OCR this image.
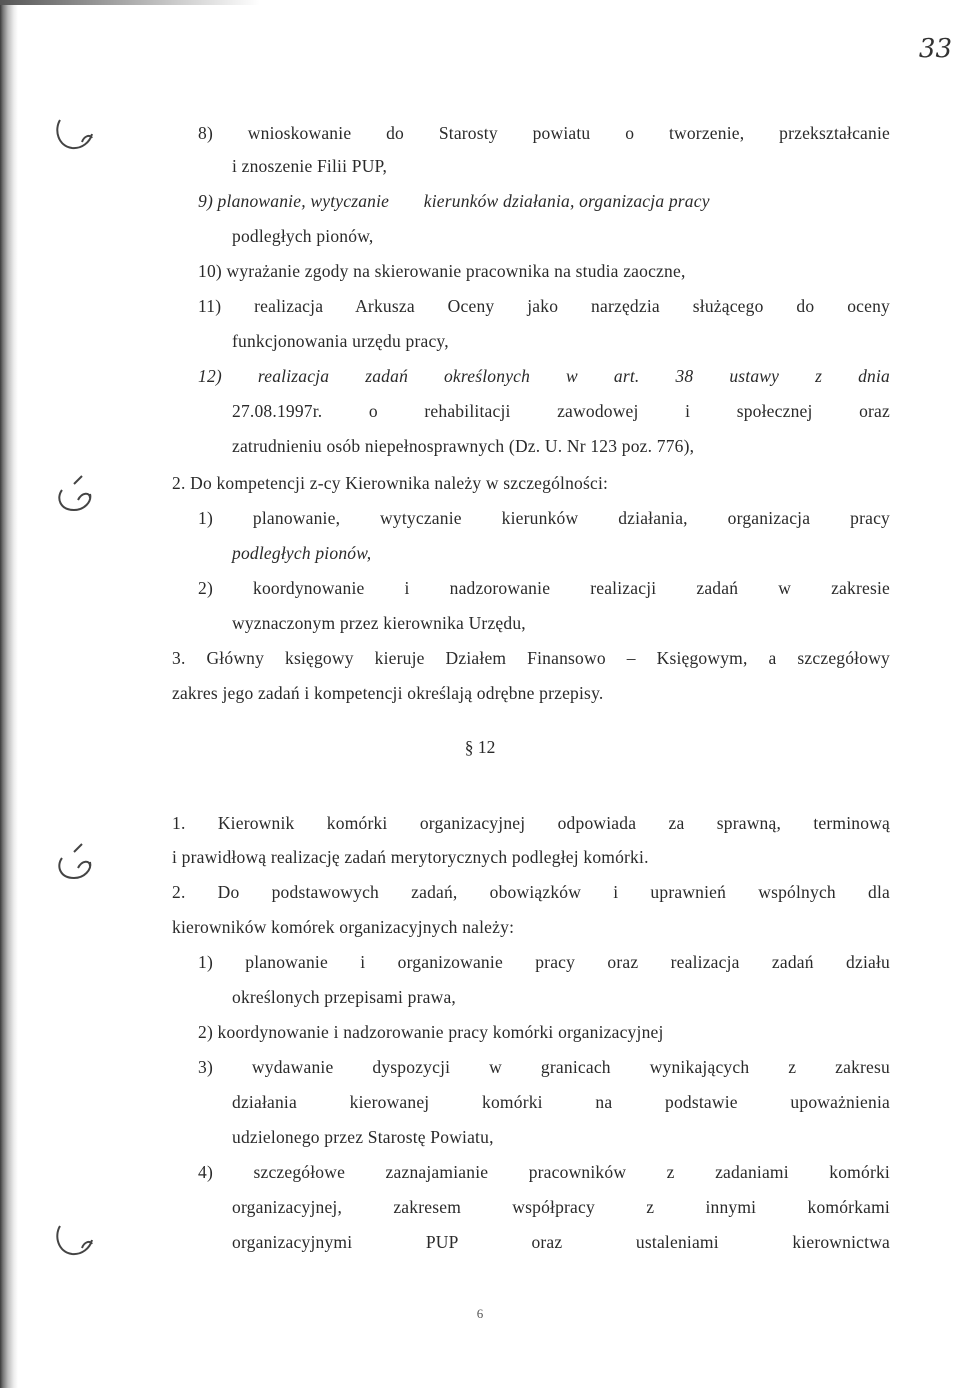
33
8) wnioskowanie do Starosty powiatu o tworzenie, przekształcanie
i znoszenie Filii PUP,
9) planowanie, wytyczanie kierunków działania, organizacja pracy
podległych pionów,
10) wyrażanie zgody na skierowanie pracownika na studia zaoczne,
11) realizacja Arkusza Oceny jako narzędzia służącego do oceny
funkcjonowania urzędu pracy,
12) realizacja zadań określonych w art. 38 ustawy z dnia
27.08.1997r. o rehabilitacji zawodowej i społecznej oraz
zatrudnieniu osób niepełnosprawnych (Dz. U. Nr 123 poz. 776),
2. Do kompetencji z-cy Kierownika należy w szczególności:
1) planowanie, wytyczanie kierunków działania, organizacja pracy
podległych pionów,
2) koordynowanie i nadzorowanie realizacji zadań w zakresie
wyznaczonym przez kierownika Urzędu,
3. Główny księgowy kieruje Działem Finansowo – Księgowym, a szczegółowy
zakres jego zadań i kompetencji określają odrębne przepisy.
§ 12
1. Kierownik komórki organizacyjnej odpowiada za sprawną, terminową
i prawidłową realizację zadań merytorycznych podległej komórki.
2. Do podstawowych zadań, obowiązków i uprawnień wspólnych dla
kierowników komórek organizacyjnych należy:
1) planowanie i organizowanie pracy oraz realizacja zadań działu
określonych przepisami prawa,
2) koordynowanie i nadzorowanie pracy komórki organizacyjnej
3) wydawanie dyspozycji w granicach wynikających z zakresu
działania kierowanej komórki na podstawie upoważnienia
udzielonego przez Starostę Powiatu,
4) szczegółowe zaznajamianie pracowników z zadaniami komórki
organizacyjnej, zakresem współpracy z innymi komórkami
organizacyjnymi PUP oraz ustaleniami kierownictwa
6
